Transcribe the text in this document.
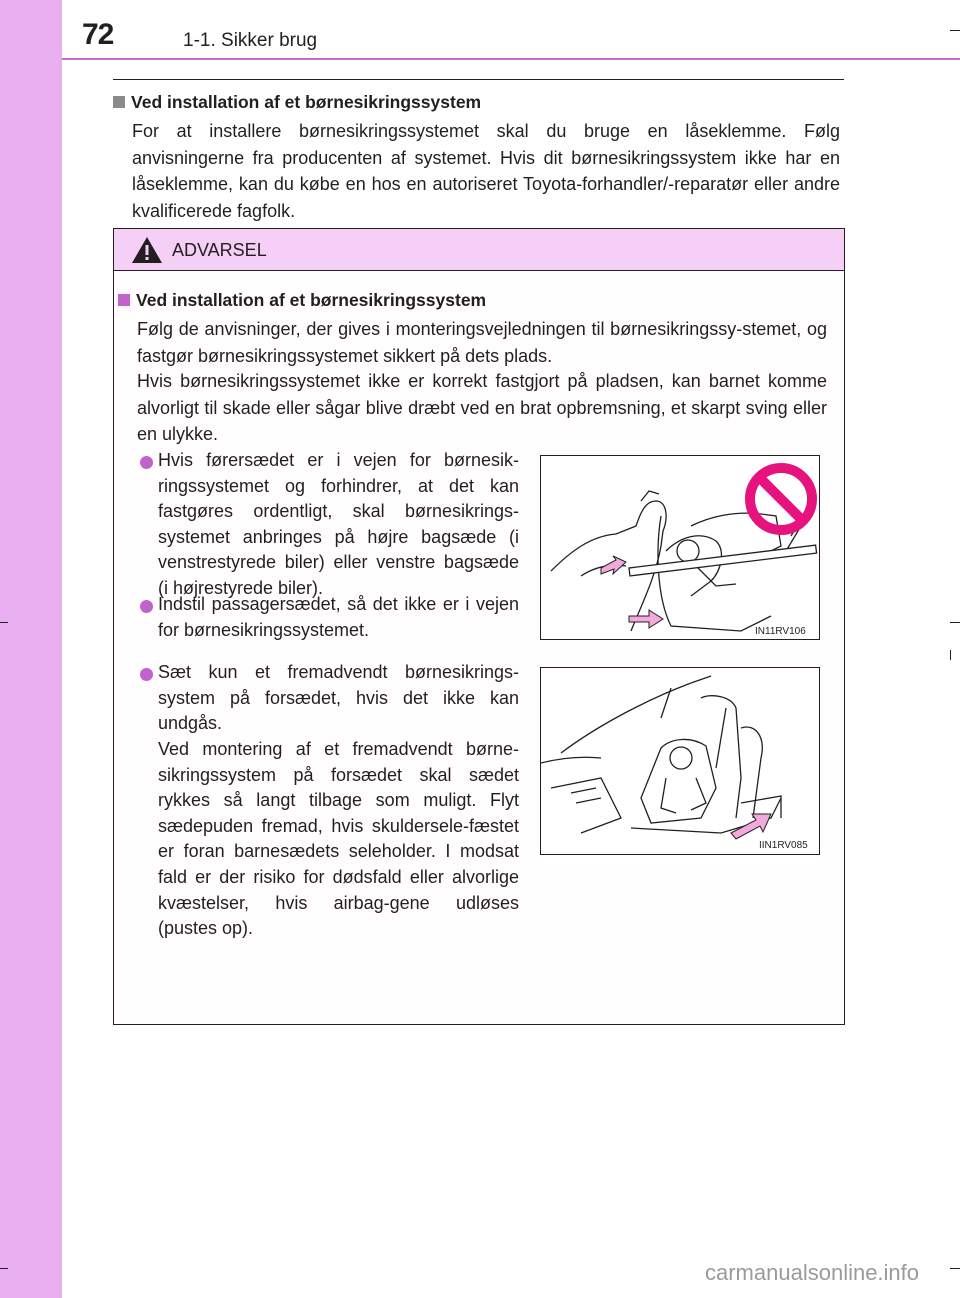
72	1-1. Sikker brug
Ved installation af et børnesikringssystem
For at installere børnesikringssystemet skal du bruge en låseklemme. Følg anvisningerne fra producenten af systemet. Hvis dit børnesikringssystem ikke har en låseklemme, kan du købe en hos en autoriseret Toyota-forhandler/-reparatør eller andre kvalificerede fagfolk.
ADVARSEL
Ved installation af et børnesikringssystem
Følg de anvisninger, der gives i monteringsvejledningen til børnesikringssy-stemet, og fastgør børnesikringssystemet sikkert på dets plads.
Hvis børnesikringssystemet ikke er korrekt fastgjort på pladsen, kan barnet komme alvorligt til skade eller sågar blive dræbt ved en brat opbremsning, et skarpt sving eller en ulykke.
Hvis førersædet er i vejen for børnesik-ringssystemet og forhindrer, at det kan fastgøres ordentligt, skal børnesikrings-systemet anbringes på højre bagsæde (i venstrestyrede biler) eller venstre bagsæde (i højrestyrede biler).
Indstil passagersædet, så det ikke er i vejen for børnesikringssystemet.
Sæt kun et fremadvendt børnesikrings-system på forsædet, hvis det ikke kan undgås.
Ved montering af et fremadvendt børne-sikringssystem på forsædet skal sædet rykkes så langt tilbage som muligt. Flyt sædepuden fremad, hvis skuldersele-fæstet er foran barnesædets seleholder. I modsat fald er der risiko for dødsfald eller alvorlige kvæstelser, hvis airbag-gene udløses (pustes op).
IN11RV106
IIN1RV085
carmanualsonline.info
